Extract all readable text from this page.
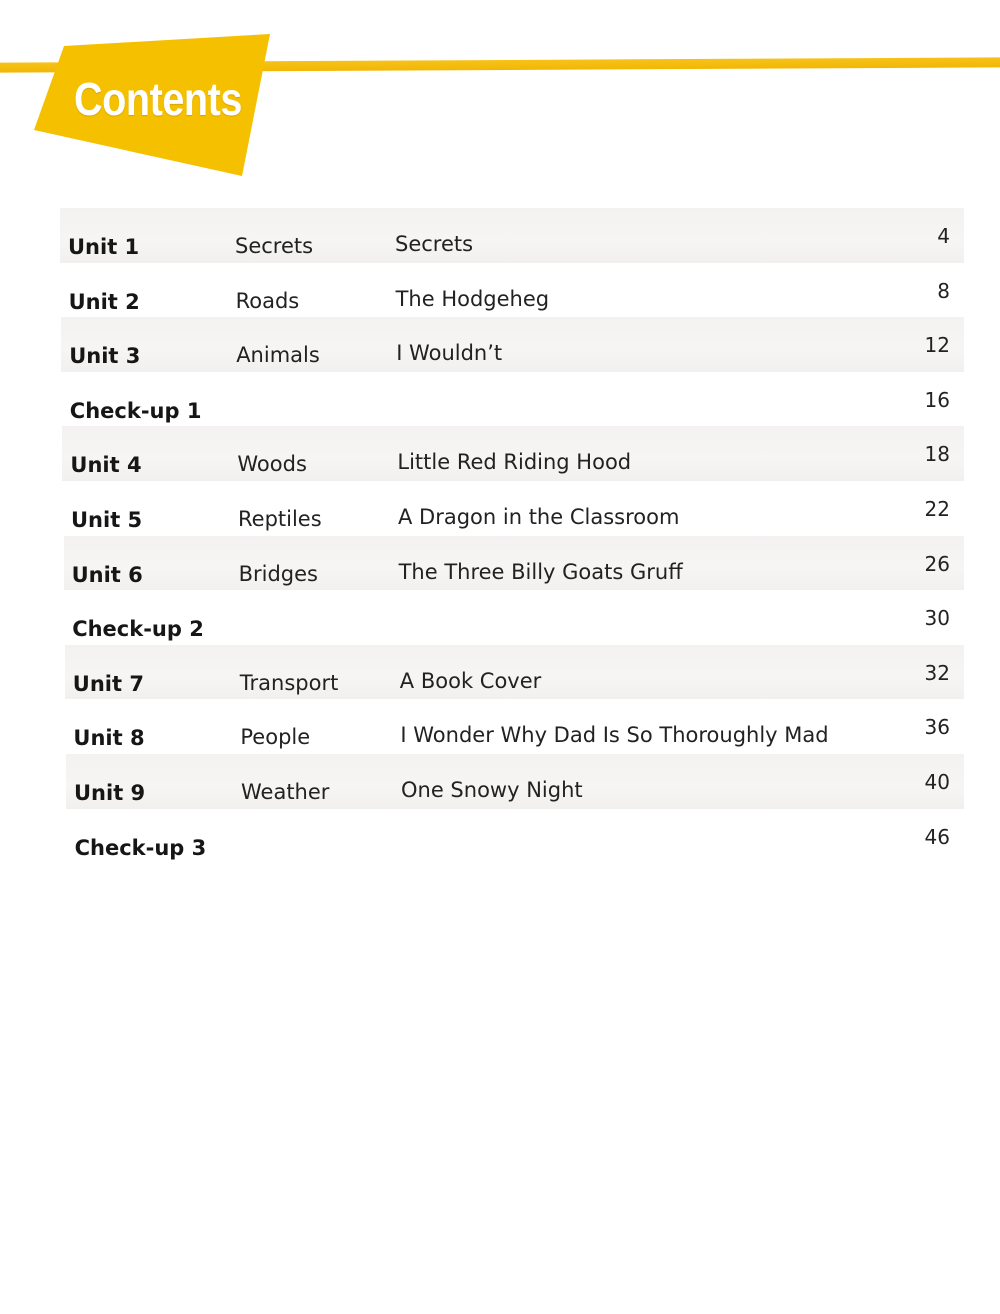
Contents
Unit 1	Secrets	Secrets	4
Unit 2	Roads	The Hodgeheg	8
Unit 3	Animals	I Wouldn’t	12
Check-up 1	16
Unit 4	Woods	Little Red Riding Hood	18
Unit 5	Reptiles	A Dragon in the Classroom	22
Unit 6	Bridges	The Three Billy Goats Gruff	26
Check-up 2	30
Unit 7	Transport	A Book Cover	32
Unit 8	People	I Wonder Why Dad Is So Thoroughly Mad	36
Unit 9	Weather	One Snowy Night	40
Check-up 3	46
